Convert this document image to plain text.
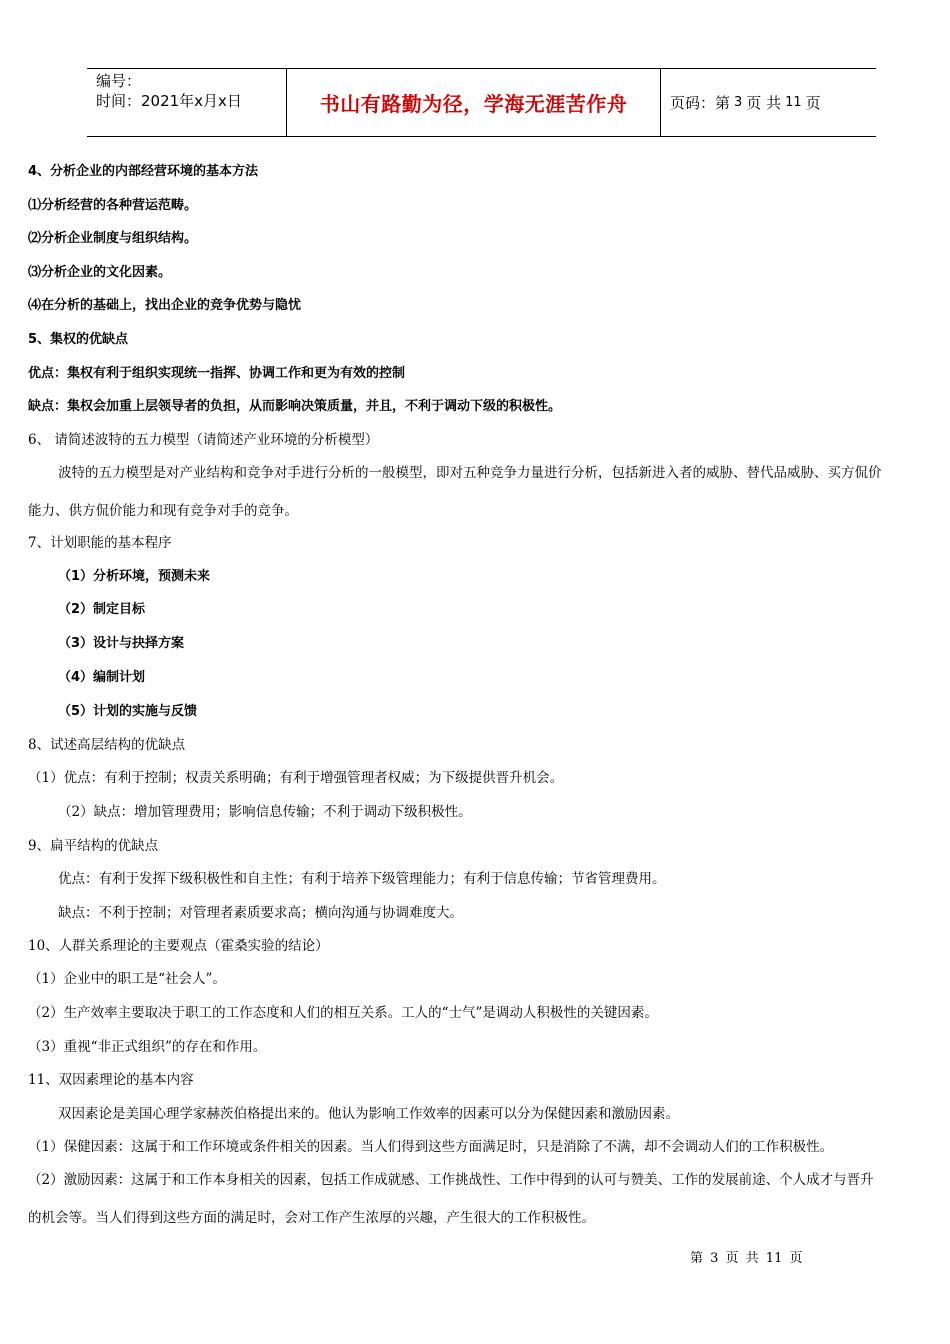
编号：
时间：2021年x月x日	书山有路勤为径，学海无涯苦作舟	页码：第 3 页 共 11 页
4、分析企业的内部经营环境的基本方法
⑴分析经营的各种营运范畴。
⑵分析企业制度与组织结构。
⑶分析企业的文化因素。
⑷在分析的基础上，找出企业的竞争优势与隐忧
5、集权的优缺点
优点：集权有利于组织实现统一指挥、协调工作和更为有效的控制
缺点：集权会加重上层领导者的负担，从而影响决策质量，并且，不利于调动下级的积极性。
6、 请简述波特的五力模型（请简述产业环境的分析模型）
波特的五力模型是对产业结构和竞争对手进行分析的一般模型，即对五种竞争力量进行分析，包括新进入者的威胁、替代品威胁、买方侃价
能力、供方侃价能力和现有竞争对手的竞争。
7、计划职能的基本程序
（1）分析环境，预测未来
（2）制定目标
（3）设计与抉择方案
（4）编制计划
（5）计划的实施与反馈
8、试述高层结构的优缺点
（1）优点：有利于控制；权责关系明确；有利于增强管理者权威；为下级提供晋升机会。
（2）缺点：增加管理费用；影响信息传输；不利于调动下级积极性。
9、扁平结构的优缺点
优点：有利于发挥下级积极性和自主性；有利于培养下级管理能力；有利于信息传输；节省管理费用。
缺点：不利于控制；对管理者素质要求高；横向沟通与协调难度大。
10、人群关系理论的主要观点（霍桑实验的结论）
（1）企业中的职工是“社会人”。
（2）生产效率主要取决于职工的工作态度和人们的相互关系。工人的“士气”是调动人积极性的关键因素。
（3）重视“非正式组织”的存在和作用。
11、双因素理论的基本内容
双因素论是美国心理学家赫茨伯格提出来的。他认为影响工作效率的因素可以分为保健因素和激励因素。
（1）保健因素：这属于和工作环境或条件相关的因素。当人们得到这些方面满足时，只是消除了不满，却不会调动人们的工作积极性。
（2）激励因素：这属于和工作本身相关的因素，包括工作成就感、工作挑战性、工作中得到的认可与赞美、工作的发展前途、个人成才与晋升
的机会等。当人们得到这些方面的满足时，会对工作产生浓厚的兴趣，产生很大的工作积极性。
第 3 页 共 11 页
